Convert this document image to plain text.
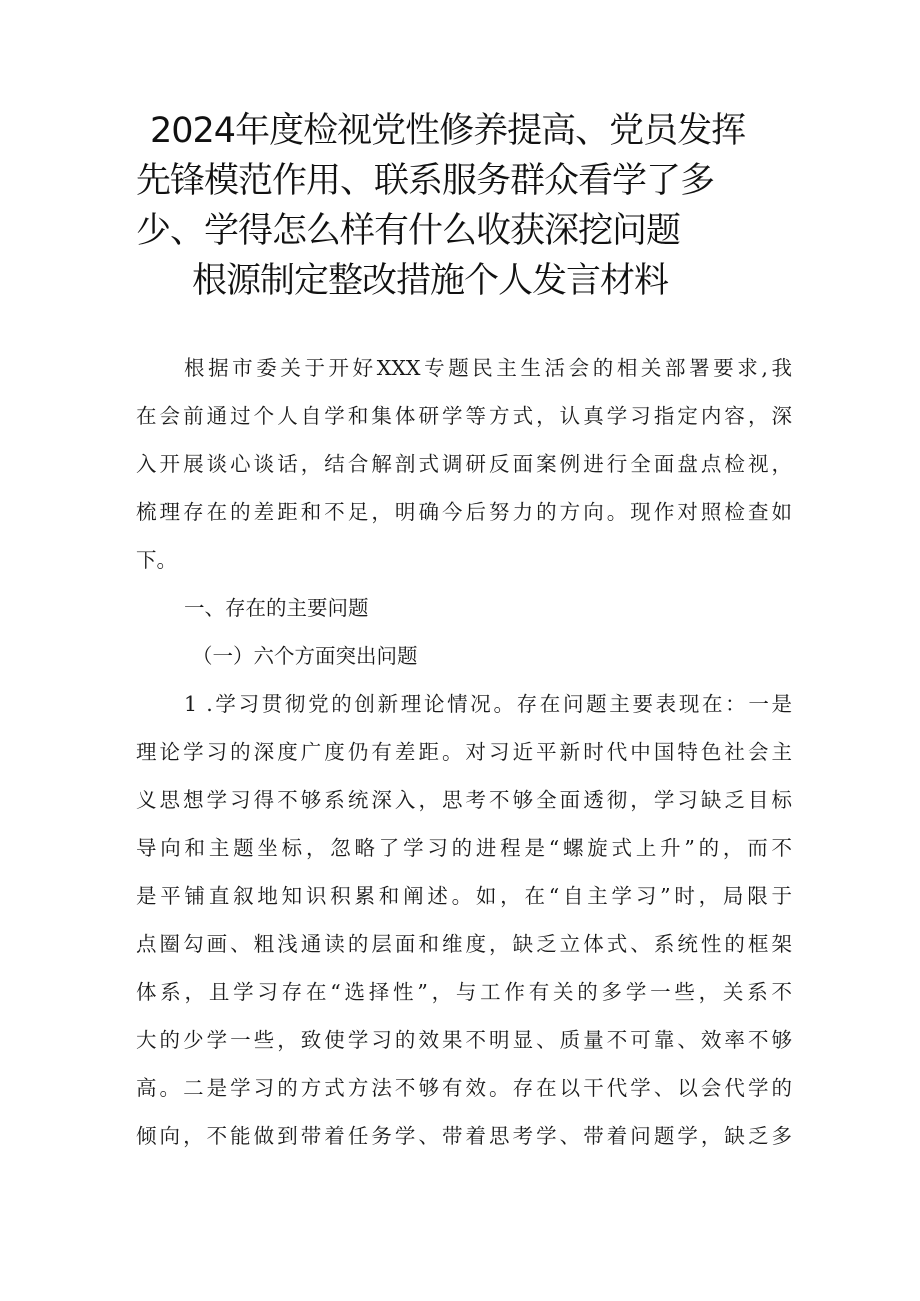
2024年度检视党性修养提高、党员发挥
先锋模范作用、联系服务群众看学了多
少、学得怎么样有什么收获深挖问题
根源制定整改措施个人发言材料
根据市委关于开好XXX专题民主生活会的相关部署要求,我
在会前通过个人自学和集体研学等方式，认真学习指定内容，深
入开展谈心谈话，结合解剖式调研反面案例进行全面盘点检视，
梳理存在的差距和不足，明确今后努力的方向。现作对照检查如
下。
一、存在的主要问题
（一）六个方面突出问题
1 .学习贯彻党的创新理论情况。存在问题主要表现在：一是
理论学习的深度广度仍有差距。对习近平新时代中国特色社会主
义思想学习得不够系统深入，思考不够全面透彻，学习缺乏目标
导向和主题坐标，忽略了学习的进程是“螺旋式上升”的，而不
是平铺直叙地知识积累和阐述。如，在“自主学习”时，局限于
点圈勾画、粗浅通读的层面和维度，缺乏立体式、系统性的框架
体系，且学习存在“选择性”，与工作有关的多学一些，关系不
大的少学一些，致使学习的效果不明显、质量不可靠、效率不够
高。二是学习的方式方法不够有效。存在以干代学、以会代学的
倾向，不能做到带着任务学、带着思考学、带着问题学，缺乏多
